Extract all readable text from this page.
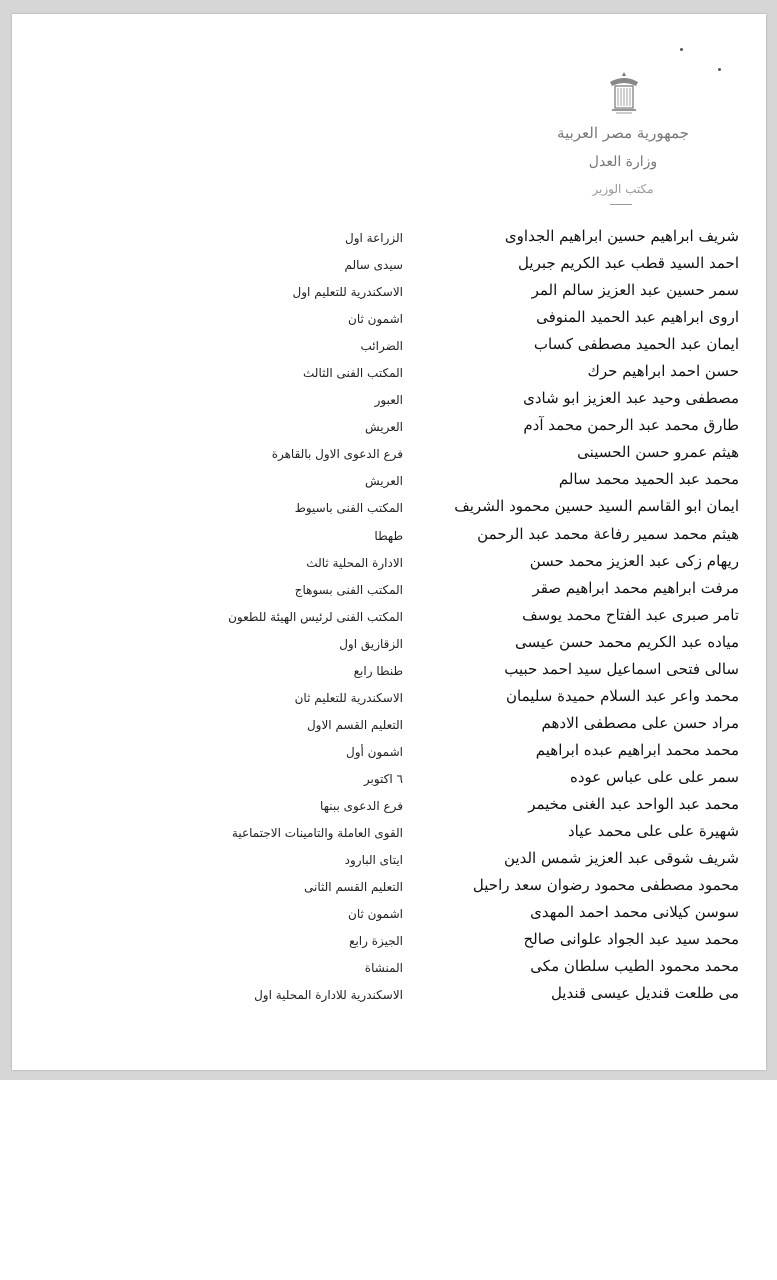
جمهورية مصر العربية
وزارة العدل
مكتب الوزير
شريف ابراهيم حسين ابراهيم الجداوى
الزراعة اول
احمد السيد قطب عبد الكريم جبريل
سيدى سالم
سمر حسين عبد العزيز سالم المر
الاسكندرية للتعليم اول
اروى ابراهيم عبد الحميد المنوفى
اشمون ثان
ايمان عبد الحميد مصطفى كساب
الضرائب
حسن احمد ابراهيم حرك
المكتب الفنى الثالث
مصطفى وحيد عبد العزيز ابو شادى
العبور
طارق محمد عبد الرحمن محمد آدم
العريش
هيثم عمرو حسن الحسينى
فرع الدعوى الاول بالقاهرة
محمد عبد الحميد محمد سالم
العريش
ايمان ابو القاسم السيد حسين محمود الشريف
المكتب الفنى باسيوط
هيثم محمد سمير رفاعة محمد عبد الرحمن
طهطا
ريهام زكى عبد العزيز محمد حسن
الادارة المحلية ثالث
مرفت ابراهيم محمد ابراهيم صقر
المكتب الفنى بسوهاج
تامر صبرى عبد الفتاح محمد يوسف
المكتب الفنى لرئيس الهيئة للطعون
مياده عبد الكريم محمد حسن عيسى
الزقازيق اول
سالى فتحى اسماعيل سيد احمد حبيب
طنطا رابع
محمد واعر عبد السلام حميدة سليمان
الاسكندرية للتعليم ثان
مراد حسن على مصطفى الادهم
التعليم القسم الاول
محمد محمد ابراهيم عبده ابراهيم
اشمون أول
سمر على على عباس عوده
٦ اكتوبر
محمد عبد الواحد عبد الغنى مخيمر
فرع الدعوى ببنها
شهيرة على على محمد عياد
القوى العاملة والتامينات الاجتماعية
شريف شوقى عبد العزيز شمس الدين
ايتاى البارود
محمود مصطفى محمود رضوان سعد راحيل
التعليم القسم الثانى
سوسن كيلانى محمد احمد المهدى
اشمون ثان
محمد سيد عبد الجواد علوانى صالح
الجيزة رابع
محمد محمود الطيب سلطان مكى
المنشاة
مى طلعت قنديل عيسى قنديل
الاسكندرية للادارة المحلية اول
